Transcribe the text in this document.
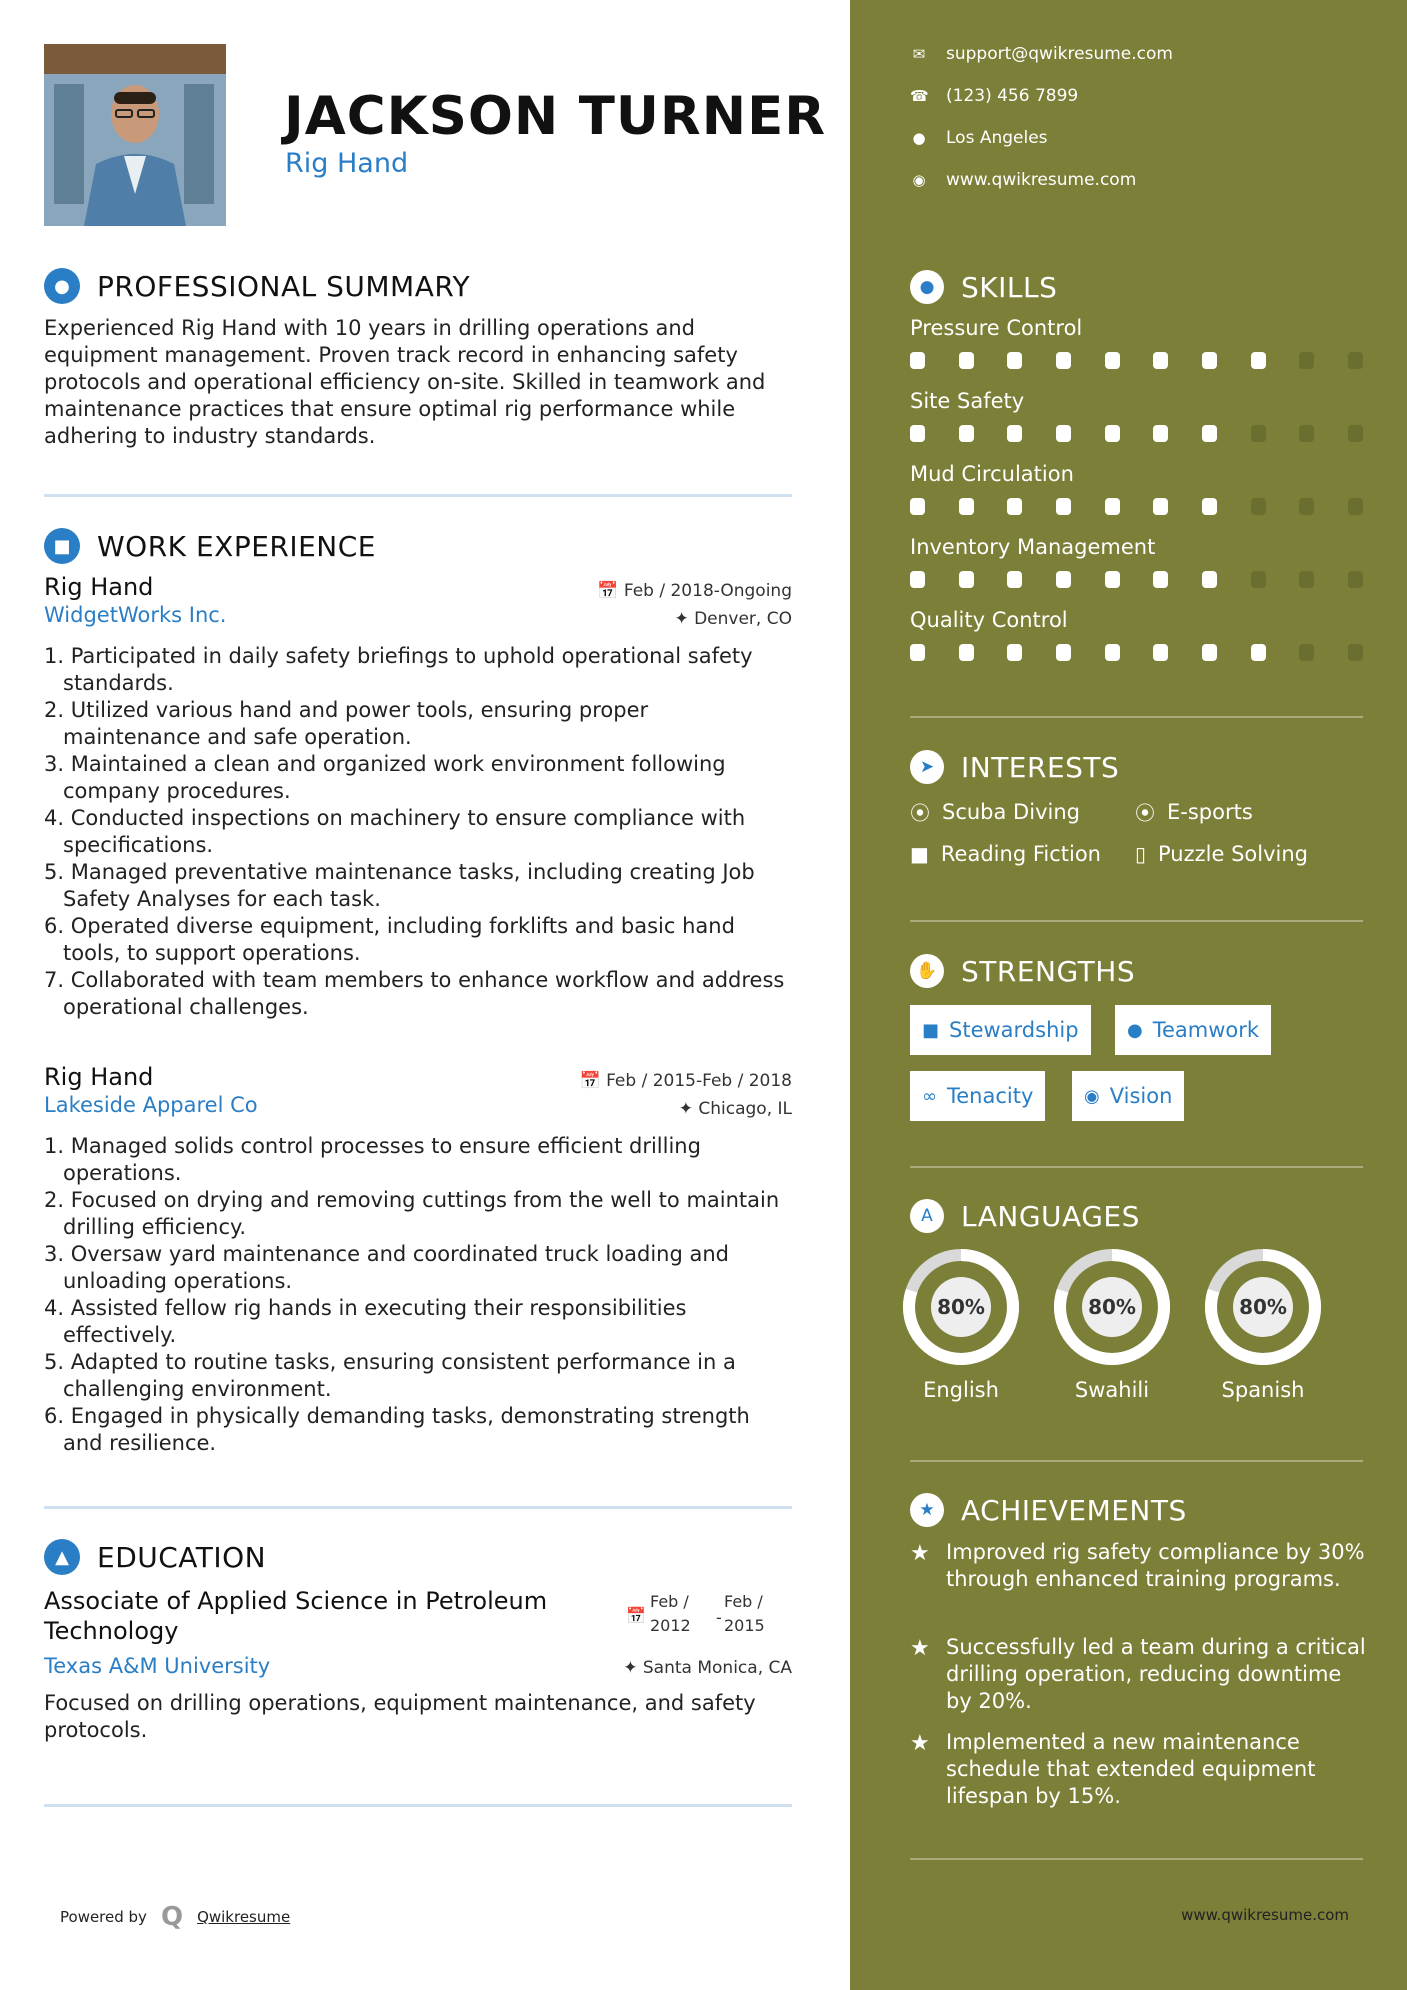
JACKSON TURNER
Rig Hand
● PROFESSIONAL SUMMARY
Experienced Rig Hand with 10 years in drilling operations and equipment management. Proven track record in enhancing safety protocols and operational efficiency on-site. Skilled in teamwork and maintenance practices that ensure optimal rig performance while adhering to industry standards.
■ WORK EXPERIENCE
Rig Hand	📅 Feb / 2018-Ongoing
WidgetWorks Inc.	✦ Denver, CO
1. Participated in daily safety briefings to uphold operational safety standards.
2. Utilized various hand and power tools, ensuring proper maintenance and safe operation.
3. Maintained a clean and organized work environment following company procedures.
4. Conducted inspections on machinery to ensure compliance with specifications.
5. Managed preventative maintenance tasks, including creating Job Safety Analyses for each task.
6. Operated diverse equipment, including forklifts and basic hand tools, to support operations.
7. Collaborated with team members to enhance workflow and address operational challenges.
Rig Hand	📅 Feb / 2015-Feb / 2018
Lakeside Apparel Co	✦ Chicago, IL
1. Managed solids control processes to ensure efficient drilling operations.
2. Focused on drying and removing cuttings from the well to maintain drilling efficiency.
3. Oversaw yard maintenance and coordinated truck loading and unloading operations.
4. Assisted fellow rig hands in executing their responsibilities effectively.
5. Adapted to routine tasks, ensuring consistent performance in a challenging environment.
6. Engaged in physically demanding tasks, demonstrating strength and resilience.
▲	EDUCATION
Associate of Applied Science in Petroleum Technology
📅
Feb /
2012 -
Feb /
2015
Texas A&M University	✦ Santa Monica, CA
Focused on drilling operations, equipment maintenance, and safety protocols.
Powered by Q Qwikresume
✉ support@qwikresume.com
☎ (123) 456 7899
● Los Angeles
◉ www.qwikresume.com
● SKILLS
Pressure Control
Site Safety
Mud Circulation
Inventory Management
Quality Control
➤ INTERESTS
⦿ Scuba Diving	⦿ E-sports
■ Reading Fiction ▯ Puzzle Solving
✋ STRENGTHS
■ Stewardship	● Teamwork
∞ Tenacity	◉ Vision
A	LANGUAGES
80%
English
80%
Swahili
80%
Spanish
★ ACHIEVEMENTS
★ Improved rig safety compliance by 30% through enhanced training programs.
★ Successfully led a team during a critical drilling operation, reducing downtime by 20%.
★ Implemented a new maintenance schedule that extended equipment lifespan by 15%.
www.qwikresume.com
